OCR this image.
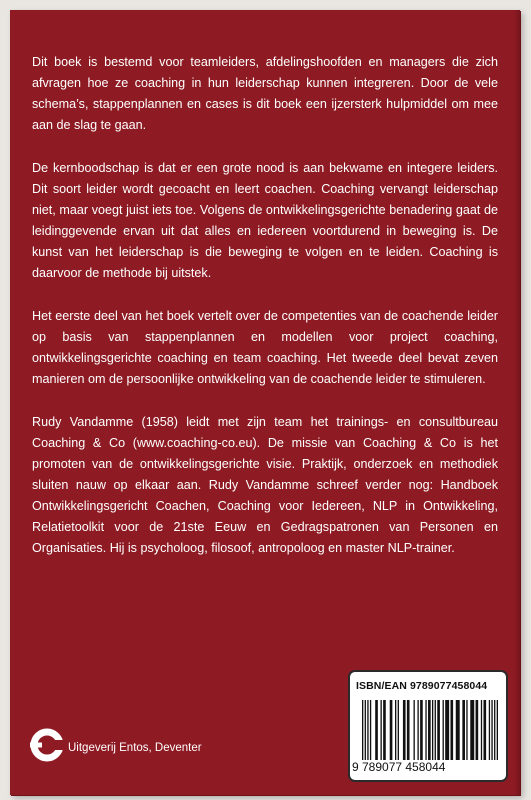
Dit boek is bestemd voor teamleiders, afdelingshoofden en managers die zich afvragen hoe ze coaching in hun leiderschap kunnen integreren. Door de vele schema’s, stappenplannen en cases is dit boek een ijzersterk hulpmiddel om mee aan de slag te gaan.

De kernboodschap is dat er een grote nood is aan bekwame en integere leiders. Dit soort leider wordt gecoacht en leert coachen. Coaching vervangt leiderschap niet, maar voegt juist iets toe. Volgens de ontwikkelingsgerichte benadering gaat de leidinggevende ervan uit dat alles en iedereen voortdurend in beweging is. De kunst van het leiderschap is die beweging te volgen en te leiden. Coaching is daarvoor de methode bij uitstek.

Het eerste deel van het boek vertelt over de competenties van de coachende leider op basis van stappenplannen en modellen voor project coaching, ontwikkelingsgerichte coaching en team coaching. Het tweede deel bevat zeven manieren om de persoonlijke ontwikkeling van de coachende leider te stimuleren.

Rudy Vandamme (1958) leidt met zijn team het trainings- en consultbureau Coaching & Co (www.coaching-co.eu). De missie van Coaching & Co is het promoten van de ontwikkelingsgerichte visie. Praktijk, onderzoek en methodiek sluiten nauw op elkaar aan. Rudy Vandamme schreef verder nog: Handboek Ontwikkelingsgericht Coachen, Coaching voor Iedereen, NLP in Ontwikkeling, Relatietoolkit voor de 21ste Eeuw en Gedragspatronen van Personen en Organisaties. Hij is psycholoog, filosoof, antropoloog en master NLP-trainer.

Uitgeverij Entos, Deventer
ISBN/EAN 9789077458044
9 789077 458044
